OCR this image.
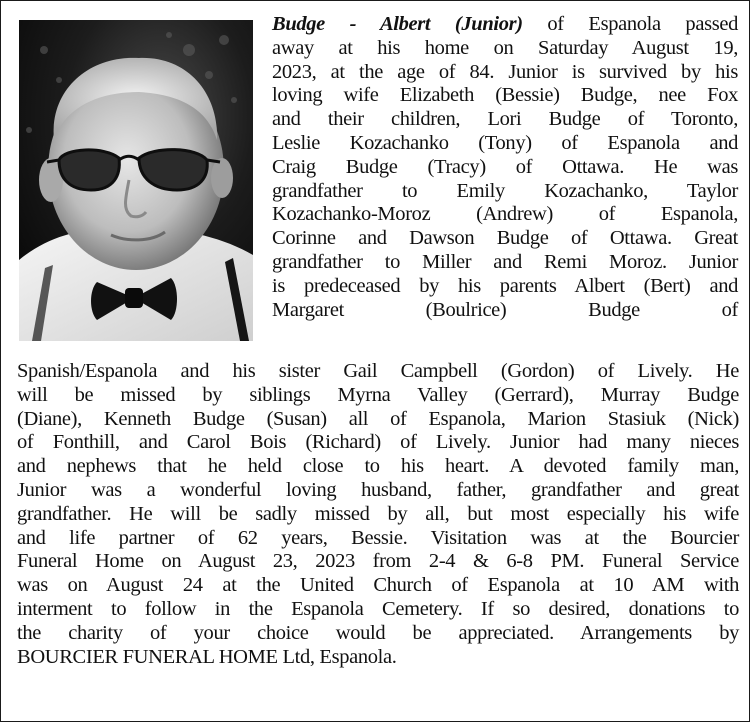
Budge - Albert (Junior) of Espanola passed
away at his home on Saturday August 19,
2023, at the age of 84. Junior is survived by his
loving wife Elizabeth (Bessie) Budge, nee Fox
and their children, Lori Budge of Toronto,
Leslie Kozachanko (Tony) of Espanola and
Craig Budge (Tracy) of Ottawa. He was
grandfather to Emily Kozachanko, Taylor
Kozachanko-Moroz (Andrew) of Espanola,
Corinne and Dawson Budge of Ottawa. Great
grandfather to Miller and Remi Moroz. Junior
is predeceased by his parents Albert (Bert) and
Margaret (Boulrice) Budge of
Spanish/Espanola and his sister Gail Campbell (Gordon) of Lively. He
will be missed by siblings Myrna Valley (Gerrard), Murray Budge
(Diane), Kenneth Budge (Susan) all of Espanola, Marion Stasiuk (Nick)
of Fonthill, and Carol Bois (Richard) of Lively. Junior had many nieces
and nephews that he held close to his heart. A devoted family man,
Junior was a wonderful loving husband, father, grandfather and great
grandfather. He will be sadly missed by all, but most especially his wife
and life partner of 62 years, Bessie. Visitation was at the Bourcier
Funeral Home on August 23, 2023 from 2-4 & 6-8 PM. Funeral Service
was on August 24 at the United Church of Espanola at 10 AM with
interment to follow in the Espanola Cemetery. If so desired, donations to
the charity of your choice would be appreciated. Arrangements by
BOURCIER FUNERAL HOME Ltd, Espanola.
